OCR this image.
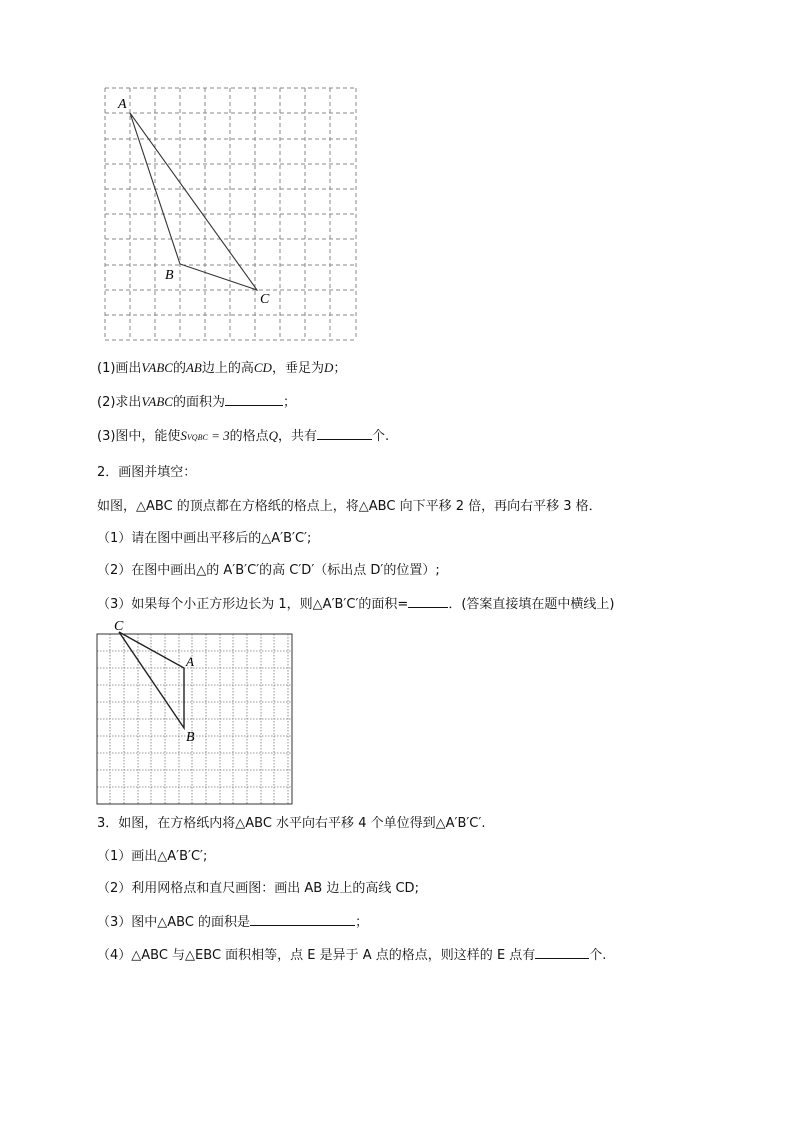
A
B
C
(1)画出VABC的AB边上的高CD，垂足为D；
(2)求出VABC的面积为	；
(3)图中，能使SVQBC = 3的格点Q，共有	个.
2．画图并填空：
如图，△ABC 的顶点都在方格纸的格点上，将△ABC 向下平移 2 倍，再向右平移 3 格．
（1）请在图中画出平移后的△A′B′C′;
（2）在图中画出△的 A′B′C′的高 C′D′（标出点 D′的位置）;
（3）如果每个小正方形边长为 1，则△A′B′C′的面积=	．(答案直接填在题中横线上)
C
A
B
3．如图，在方格纸内将△ABC 水平向右平移 4 个单位得到△A′B′C′.
（1）画出△A′B′C′;
（2）利用网格点和直尺画图：画出 AB 边上的高线 CD;
（3）图中△ABC 的面积是	；
（4）△ABC 与△EBC 面积相等，点 E 是异于 A 点的格点，则这样的 E 点有	个.
